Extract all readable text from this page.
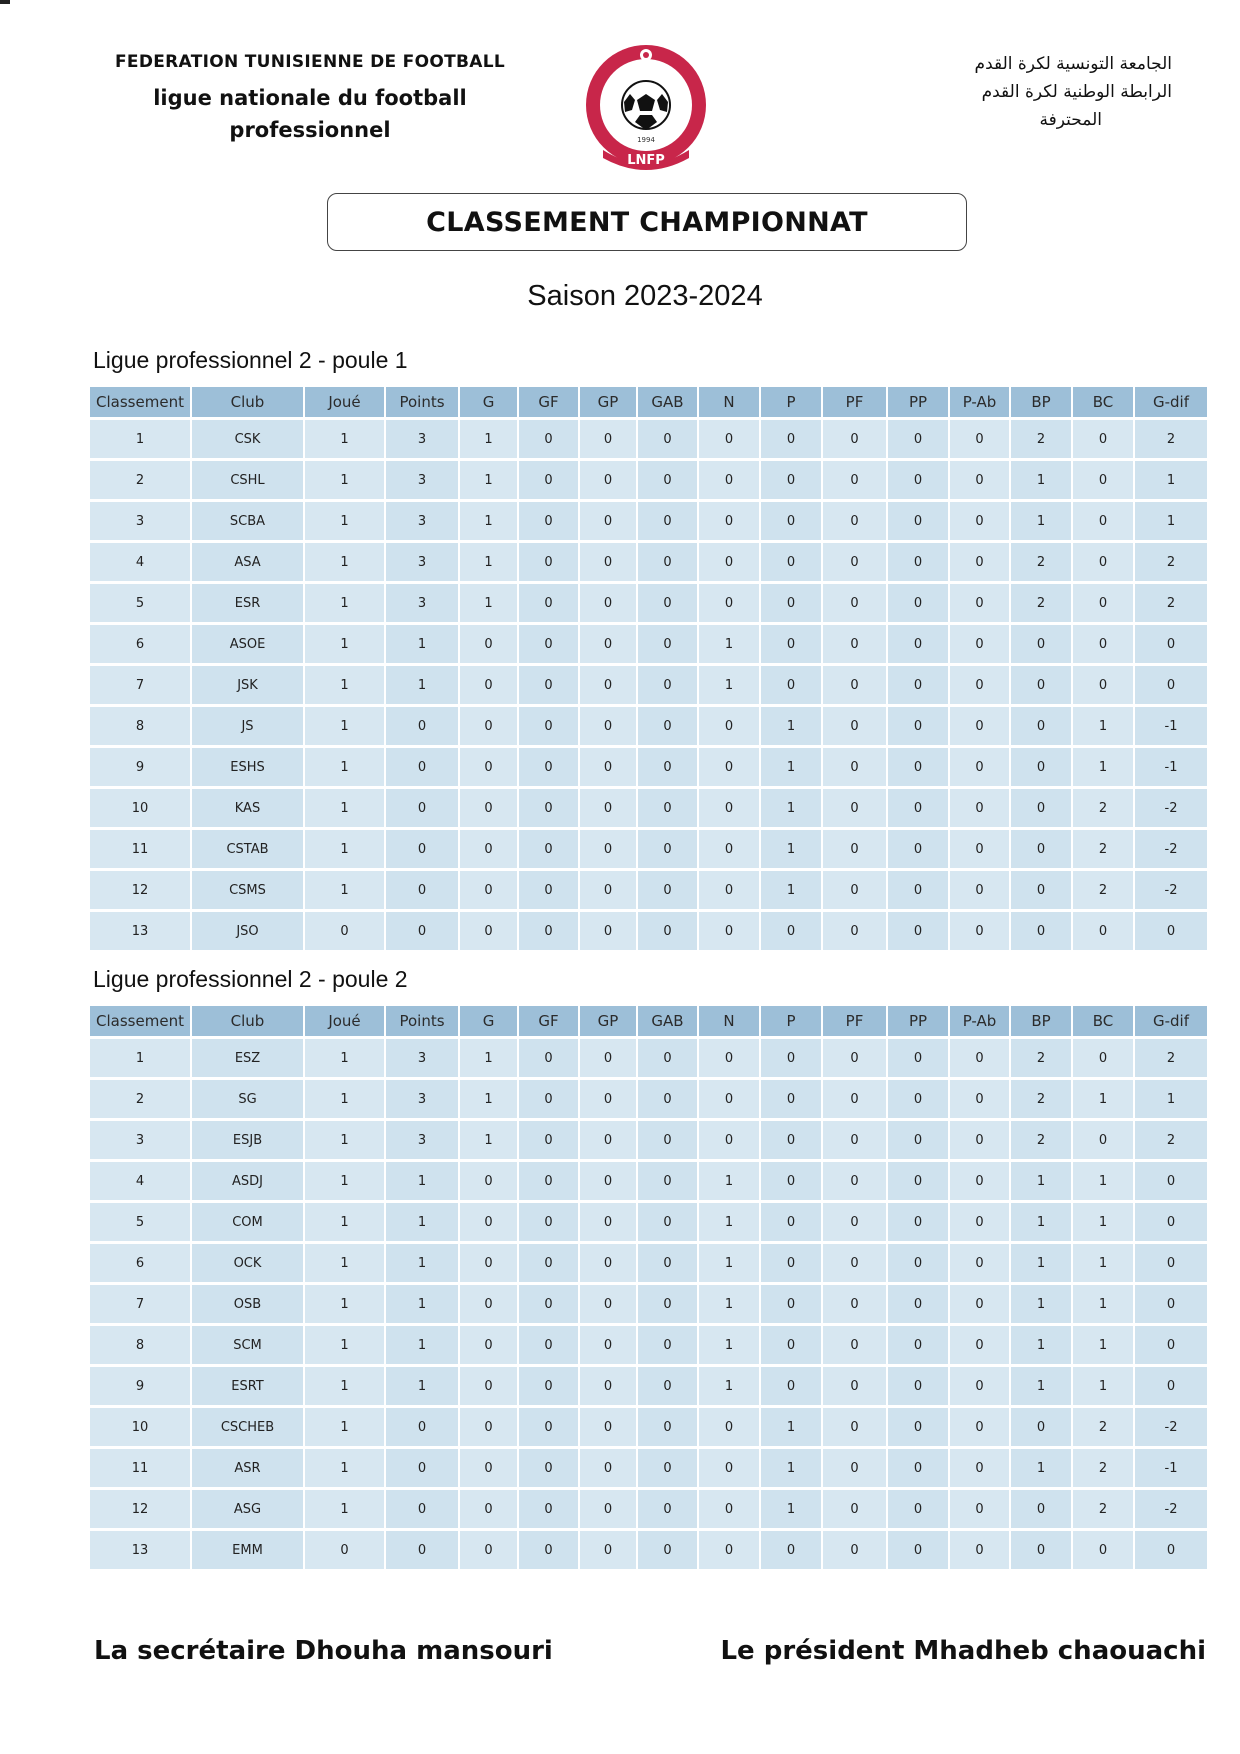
FEDERATION TUNISIENNE DE FOOTBALL
ligue nationale du football
professionnel	1994
LNFP
الجامعة التونسية لكرة القدم
الرابطة الوطنية لكرة القدم
المحترفة
CLASSEMENT CHAMPIONNAT
Saison 2023-2024
Ligue professionnel 2 - poule 1
Classement	Club	Joué	Points	G	GF	GP	GAB	N	P	PF	PP	P-Ab	BP	BC	G-dif
1	CSK	1	3	1	0	0	0	0	0	0	0	0	2	0	2
2	CSHL	1	3	1	0	0	0	0	0	0	0	0	1	0	1
3	SCBA	1	3	1	0	0	0	0	0	0	0	0	1	0	1
4	ASA	1	3	1	0	0	0	0	0	0	0	0	2	0	2
5	ESR	1	3	1	0	0	0	0	0	0	0	0	2	0	2
6	ASOE	1	1	0	0	0	0	1	0	0	0	0	0	0	0
7	JSK	1	1	0	0	0	0	1	0	0	0	0	0	0	0
8	JS	1	0	0	0	0	0	0	1	0	0	0	0	1	-1
9	ESHS	1	0	0	0	0	0	0	1	0	0	0	0	1	-1
10	KAS	1	0	0	0	0	0	0	1	0	0	0	0	2	-2
11	CSTAB	1	0	0	0	0	0	0	1	0	0	0	0	2	-2
12	CSMS	1	0	0	0	0	0	0	1	0	0	0	0	2	-2
13	JSO	0	0	0	0	0	0	0	0	0	0	0	0	0	0
Ligue professionnel 2 - poule 2
Classement	Club	Joué	Points	G	GF	GP	GAB	N	P	PF	PP	P-Ab	BP	BC	G-dif
1	ESZ	1	3	1	0	0	0	0	0	0	0	0	2	0	2
2	SG	1	3	1	0	0	0	0	0	0	0	0	2	1	1
3	ESJB	1	3	1	0	0	0	0	0	0	0	0	2	0	2
4	ASDJ	1	1	0	0	0	0	1	0	0	0	0	1	1	0
5	COM	1	1	0	0	0	0	1	0	0	0	0	1	1	0
6	OCK	1	1	0	0	0	0	1	0	0	0	0	1	1	0
7	OSB	1	1	0	0	0	0	1	0	0	0	0	1	1	0
8	SCM	1	1	0	0	0	0	1	0	0	0	0	1	1	0
9	ESRT	1	1	0	0	0	0	1	0	0	0	0	1	1	0
10	CSCHEB	1	0	0	0	0	0	0	1	0	0	0	0	2	-2
11	ASR	1	0	0	0	0	0	0	1	0	0	0	1	2	-1
12	ASG	1	0	0	0	0	0	0	1	0	0	0	0	2	-2
13	EMM	0	0	0	0	0	0	0	0	0	0	0	0	0	0
La secrétaire Dhouha mansouri	Le président Mhadheb chaouachi
